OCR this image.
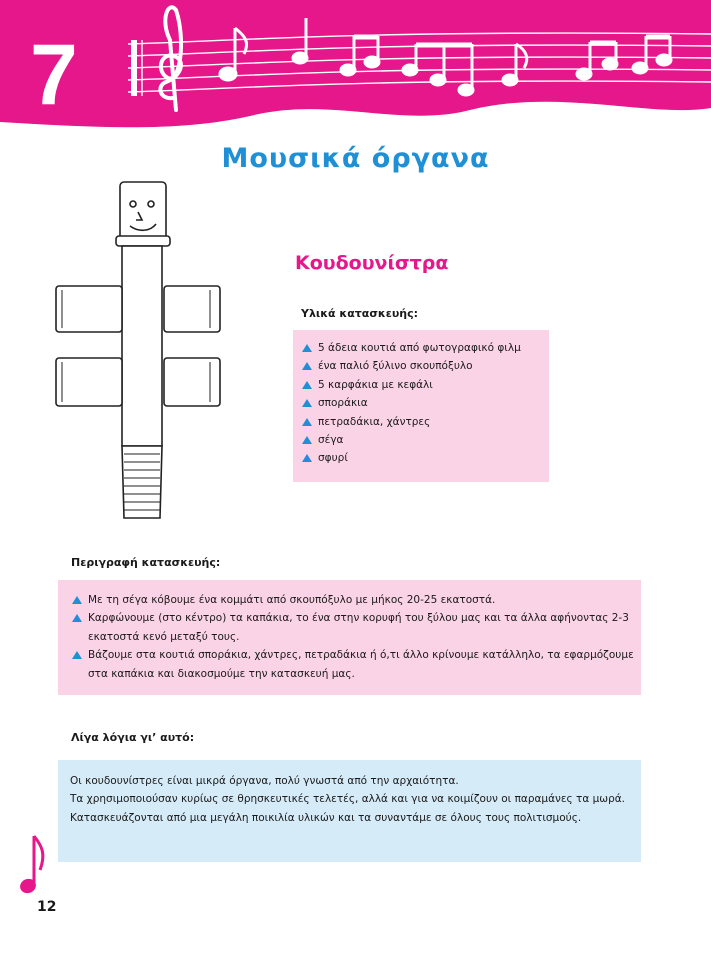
7
Μουσικά όργανα
Κουδουνίστρα
Υλικά κατασκευής:
5 άδεια κουτιά από φωτογραφικό φιλμ
ένα παλιό ξύλινο σκουπόξυλο
5 καρφάκια με κεφάλι
σποράκια
πετραδάκια, χάντρες
σέγα
σφυρί
Περιγραφή κατασκευής:
Με τη σέγα κόβουμε ένα κομμάτι από σκουπόξυλο με μήκος 20-25 εκατοστά.
Καρφώνουμε (στο κέντρο) τα καπάκια, το ένα στην κορυφή του ξύλου μας και τα άλλα αφήνοντας 2-3 εκατοστά κενό μεταξύ τους.
Βάζουμε στα κουτιά σποράκια, χάντρες, πετραδάκια ή ό,τι άλλο κρίνουμε κατάλληλο, τα εφαρμόζουμε στα καπάκια και διακοσμούμε την κατασκευή μας.
Λίγα λόγια γι’ αυτό:

Οι κουδουνίστρες είναι μικρά όργανα, πολύ γνωστά από την αρχαιότητα.

Τα χρησιμοποιούσαν κυρίως σε θρησκευτικές τελετές, αλλά και για να κοιμίζουν οι παραμάνες τα μωρά.

Κατασκευάζονται από μια μεγάλη ποικιλία υλικών και τα συναντάμε σε όλους τους πολιτισμούς.

12
